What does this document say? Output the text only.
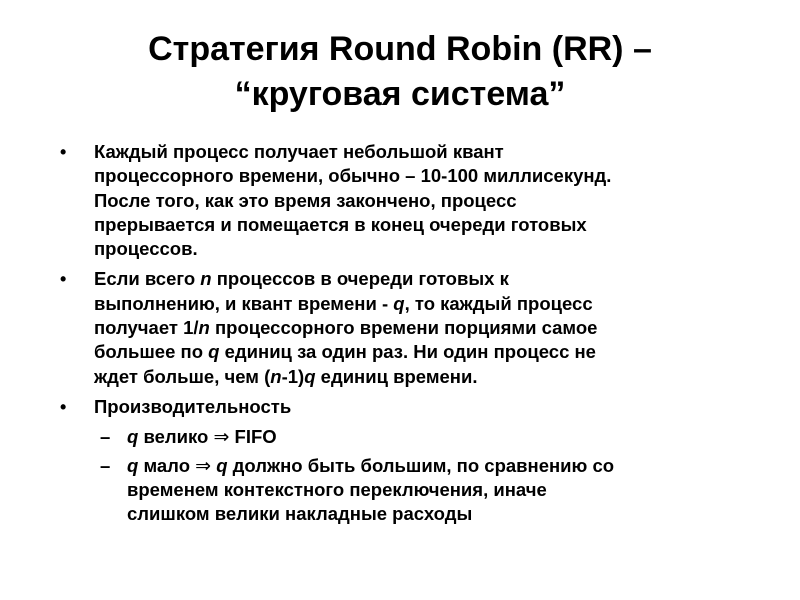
Стратегия Round Robin (RR) –
“круговая система”
• Каждый процесс получает небольшой квант
процессорного времени, обычно – 10-100 миллисекунд.
После того, как это время закончено, процесс
прерывается и помещается в конец очереди готовых
процессов.
• Если всего n процессов в очереди готовых к
выполнению, и квант времени - q, то каждый процесс
получает 1/n процессорного времени порциями самое
большее по q единиц за один раз. Ни один процесс не
ждет больше, чем (n-1)q единиц времени.
• Производительность
– q велико ⇒ FIFO
– q мало ⇒ q должно быть большим, по сравнению со
временем контекстного переключения, иначе
слишком велики накладные расходы
